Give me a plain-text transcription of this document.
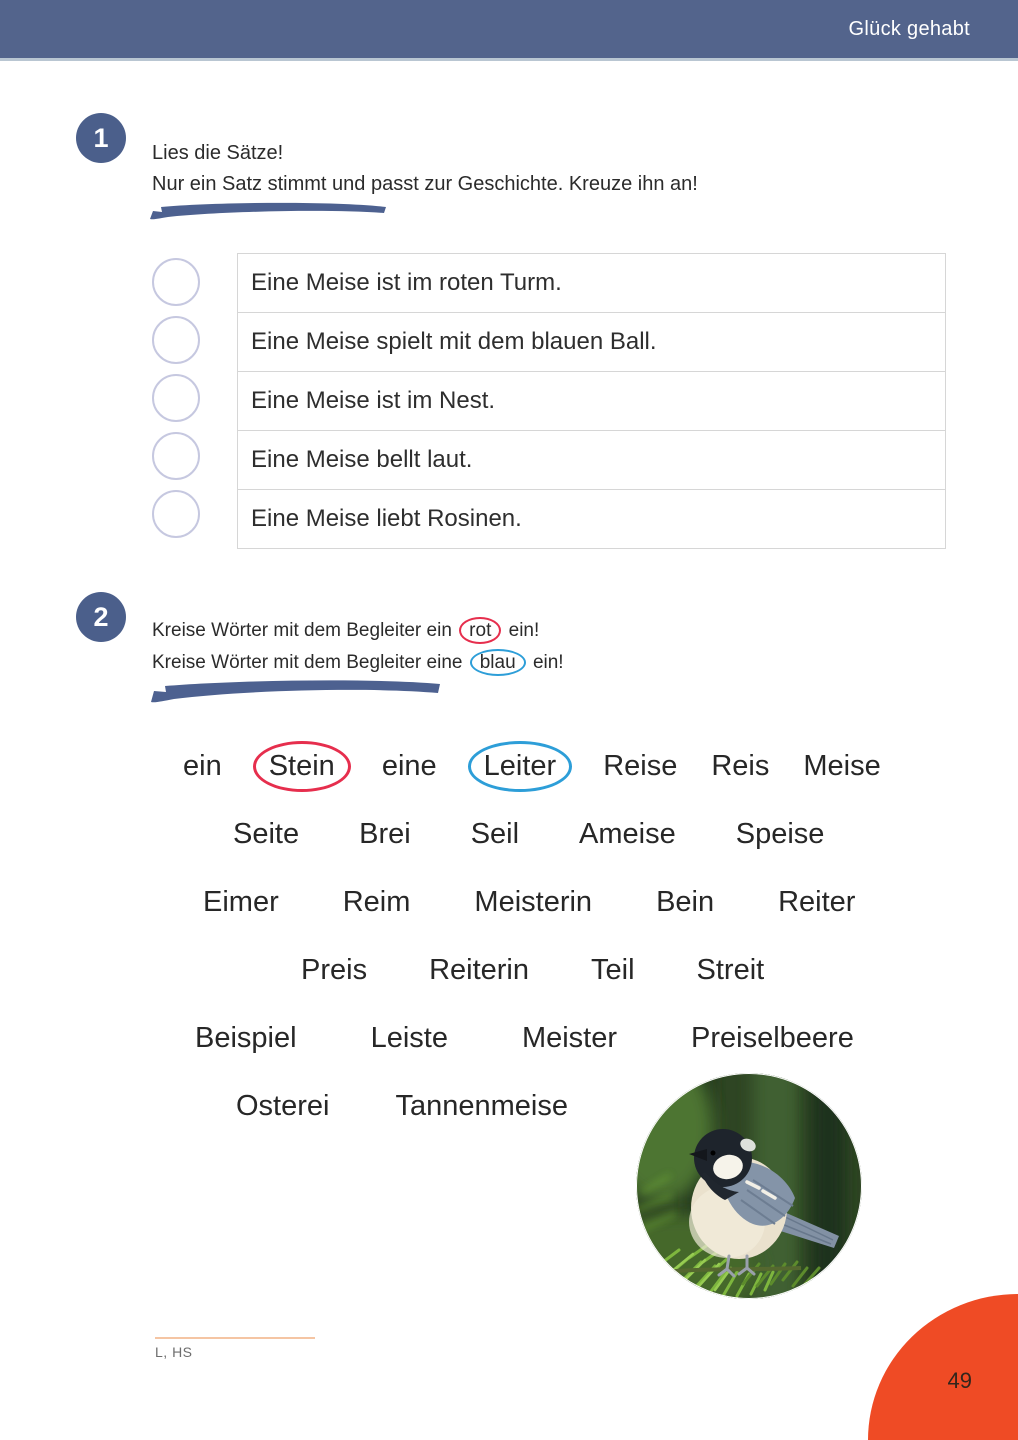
Glück gehabt
1
Lies die Sätze!
Nur ein Satz stimmt und passt zur Geschichte. Kreuze ihn an!
Eine Meise ist im roten Turm.
Eine Meise spielt mit dem blauen Ball.
Eine Meise ist im Nest.
Eine Meise bellt laut.
Eine Meise liebt Rosinen.
2 Kreise Wörter mit dem Begleiter ein rot ein!
Kreise Wörter mit dem Begleiter eine blau ein!
ein	Stein	eine	Leiter	Reise Reis Meise
Seite Brei Seil Ameise Speise
Eimer Reim Meisterin Bein Reiter
Preis Reiterin Teil Streit
Beispiel	Leiste	Meister	Preiselbeere
Osterei Tannenmeise
L, HS
49
